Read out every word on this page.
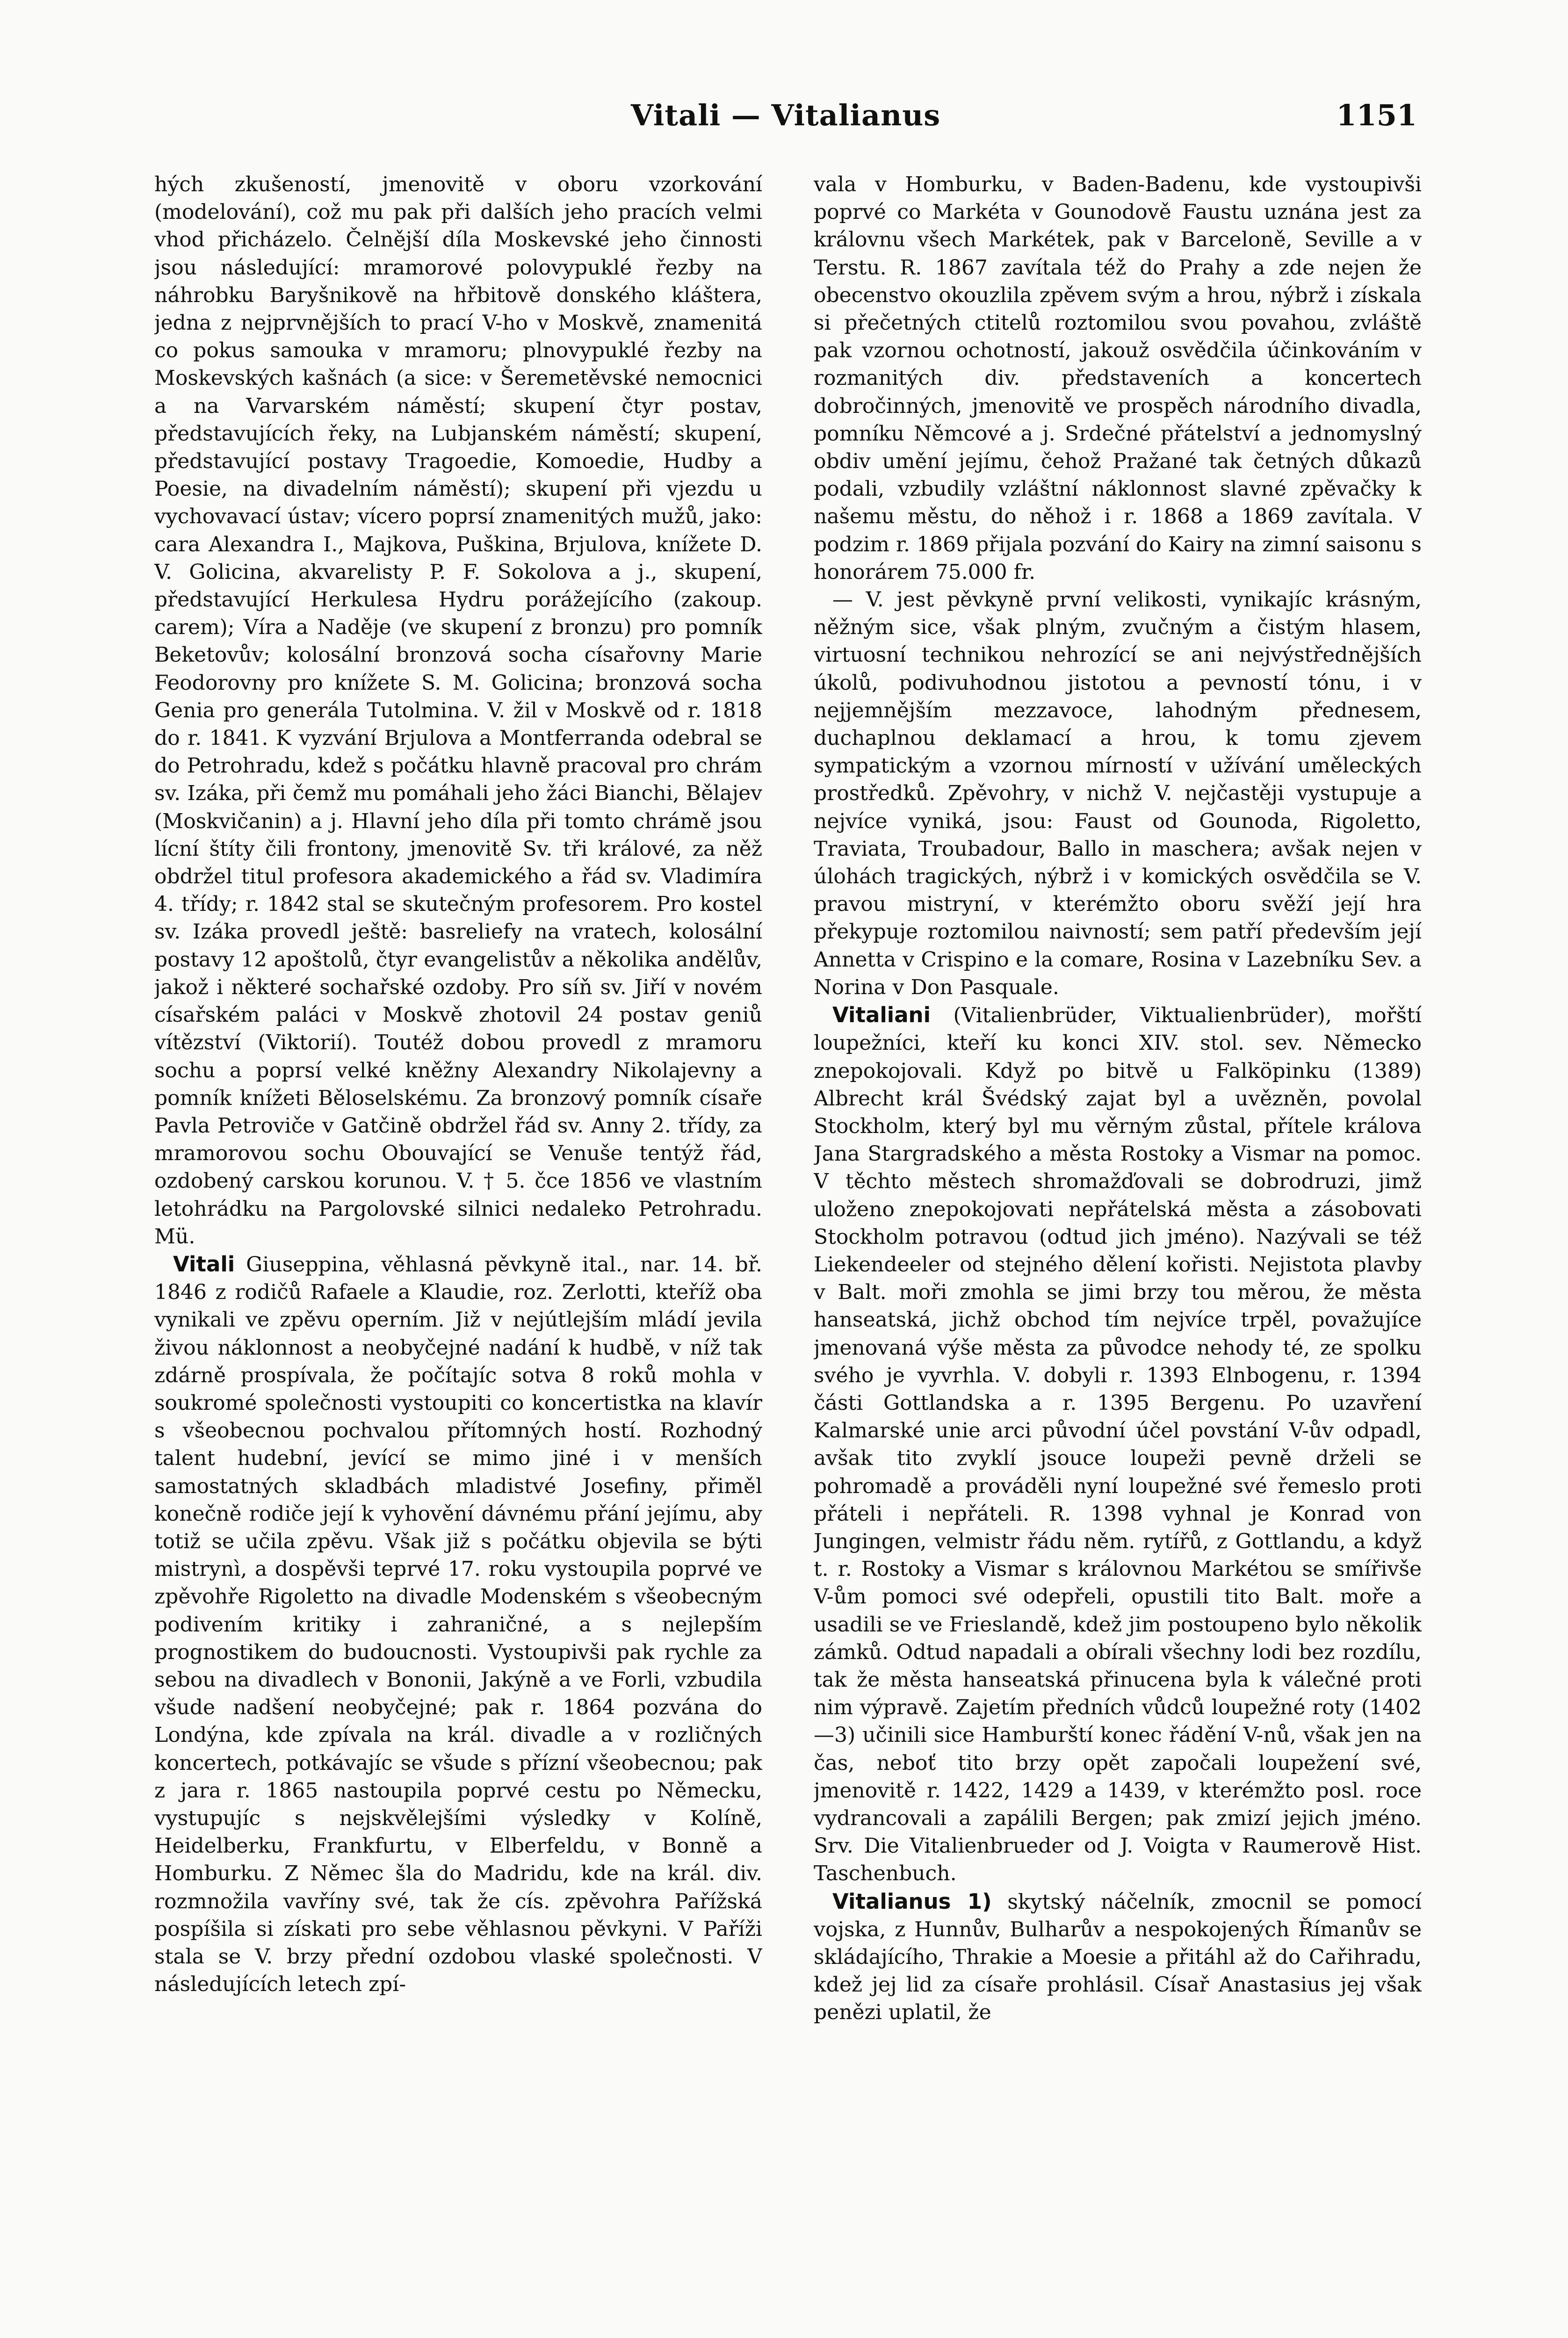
Vitali — Vitalianus	1151

hých zkušeností, jmenovitě v oboru vzorkování (modelování), což mu pak při dalších jeho pracích velmi vhod přicházelo. Čelnější díla Moskevské jeho činnosti jsou následující: mramorové polovypuklé řezby na náhrobku Baryšnikově na hřbitově donského kláštera, jedna z nejprvnějších to prací V-ho v Moskvě, znamenitá co pokus samouka v mramoru; plnovypuklé řezby na Moskevských kašnách (a sice: v Šeremetěvské nemocnici a na Varvarském náměstí; skupení čtyr postav, představujících řeky, na Lubjanském náměstí; skupení, představující postavy Tragoedie, Komoedie, Hudby a Poesie, na divadelním náměstí); skupení při vjezdu u vychovavací ústav; vícero poprsí znamenitých mužů, jako: cara Alexandra I., Majkova, Puškina, Brjulova, knížete D. V. Golicina, akvarelisty P. F. Sokolova a j., skupení, představující Herkulesa Hydru porážejícího (zakoup. carem); Víra a Naděje (ve skupení z bronzu) pro pomník Beketovův; kolosální bronzová socha císařovny Marie Feodorovny pro knížete S. M. Golicina; bronzová socha Genia pro generála Tutolmina. V. žil v Moskvě od r. 1818 do r. 1841. K vyzvání Brjulova a Montferranda odebral se do Petrohradu, kdež s počátku hlavně pracoval pro chrám sv. Izáka, při čemž mu pomáhali jeho žáci Bianchi, Bělajev (Moskvičanin) a j. Hlavní jeho díla při tomto chrámě jsou lícní štíty čili frontony, jmenovitě Sv. tři králové, za něž obdržel titul profesora akademického a řád sv. Vladimíra 4. třídy; r. 1842 stal se skutečným profesorem. Pro kostel sv. Izáka provedl ještě: basreliefy na vratech, kolosální postavy 12 apoštolů, čtyr evangelistův a několika andělův, jakož i některé sochařské ozdoby. Pro síň sv. Jiří v novém císařském paláci v Moskvě zhotovil 24 postav geniů vítězství (Viktorií). Toutéž dobou provedl z mramoru sochu a poprsí velké kněžny Alexandry Nikolajevny a pomník knížeti Běloselskému. Za bronzový pomník císaře Pavla Petroviče v Gatčině obdržel řád sv. Anny 2. třídy, za mramorovou sochu Obouvající se Venuše tentýž řád, ozdobený carskou korunou. V. † 5. čce 1856 ve vlastním letohrádku na Pargolovské silnici nedaleko Petrohradu. Mü.

Vitali Giuseppina, věhlasná pěvkyně ital., nar. 14. bř. 1846 z rodičů Rafaele a Klaudie, roz. Zerlotti, kteříž oba vynikali ve zpěvu operním. Již v nejútlejším mládí jevila živou náklonnost a neobyčejné nadání k hudbě, v níž tak zdárně prospívala, že počítajíc sotva 8 roků mohla v soukromé společnosti vystoupiti co koncertistka na klavír s všeobecnou pochvalou přítomných hostí. Rozhodný talent hudební, jevící se mimo jiné i v menších samostatných skladbách mladistvé Josefiny, přiměl konečně rodiče její k vyhovění dávnému přání jejímu, aby totiž se učila zpěvu. Však již s počátku objevila se býti mistrynì, a dospěvši teprvé 17. roku vystoupila poprvé ve zpěvohře Rigoletto na divadle Modenském s všeobecným podivením kritiky i zahraničné, a s nejlepším prognostikem do budoucnosti. Vystoupivši pak rychle za sebou na divadlech v Bononii, Jakýně a ve Forli, vzbudila všude nadšení neobyčejné; pak r. 1864 pozvána do Londýna, kde zpívala na král. divadle a v rozličných koncertech, potkávajíc se všude s přízní všeobecnou; pak z jara r. 1865 nastoupila poprvé cestu po Německu, vystupujíc s nejskvělejšími výsledky v Kolíně, Heidelberku, Frankfurtu, v Elberfeldu, v Bonně a Homburku. Z Němec šla do Madridu, kde na král. div. rozmnožila vavříny své, tak že cís. zpěvohra Pařížská pospíšila si získati pro sebe věhlasnou pěvkyni. V Paříži stala se V. brzy přední ozdobou vlaské společnosti. V následujících letech zpí-

vala v Homburku, v Baden-Badenu, kde vystoupivši poprvé co Markéta v Gounodově Faustu uznána jest za královnu všech Markétek, pak v Barceloně, Seville a v Terstu. R. 1867 zavítala též do Prahy a zde nejen že obecenstvo okouzlila zpěvem svým a hrou, nýbrž i získala si přečetných ctitelů roztomilou svou povahou, zvláště pak vzornou ochotností, jakouž osvědčila účinkováním v rozmanitých div. představeních a koncertech dobročinných, jmenovitě ve prospěch národního divadla, pomníku Němcové a j. Srdečné přátelství a jednomyslný obdiv umění jejímu, čehož Pražané tak četných důkazů podali, vzbudily vzláštní náklonnost slavné zpěvačky k našemu městu, do něhož i r. 1868 a 1869 zavítala. V podzim r. 1869 přijala pozvání do Kairy na zimní saisonu s honorárem 75.000 fr.

— V. jest pěvkyně první velikosti, vynikajíc krásným, něžným sice, však plným, zvučným a čistým hlasem, virtuosní technikou nehrozící se ani nejvýstřednějších úkolů, podivuhodnou jistotou a pevností tónu, i v nejjemnějším mezzavoce, lahodným přednesem, duchaplnou deklamací a hrou, k tomu zjevem sympatickým a vzornou mírností v užívání uměleckých prostředků. Zpěvohry, v nichž V. nejčastěji vystupuje a nejvíce vyniká, jsou: Faust od Gounoda, Rigoletto, Traviata, Troubadour, Ballo in maschera; avšak nejen v úlohách tragických, nýbrž i v komických osvědčila se V. pravou mistryní, v kterémžto oboru svěží její hra překypuje roztomilou naivností; sem patří především její Annetta v Crispino e la comare, Rosina v Lazebníku Sev. a Norina v Don Pasquale.

Vitaliani (Vitalienbrüder, Viktualienbrüder), mořští loupežníci, kteří ku konci XIV. stol. sev. Německo znepokojovali. Když po bitvě u Falköpinku (1389) Albrecht král Švédský zajat byl a uvězněn, povolal Stockholm, který byl mu věrným zůstal, přítele králova Jana Stargradského a města Rostoky a Vismar na pomoc. V těchto městech shromažďovali se dobrodruzi, jimž uloženo znepokojovati nepřátelská města a zásobovati Stockholm potravou (odtud jich jméno). Nazývali se též Liekendeeler od stejného dělení kořisti. Nejistota plavby v Balt. moři zmohla se jimi brzy tou měrou, že města hanseatská, jichž obchod tím nejvíce trpěl, považujíce jmenovaná výše města za původce nehody té, ze spolku svého je vyvrhla. V. dobyli r. 1393 Elnbogenu, r. 1394 části Gottlandska a r. 1395 Bergenu. Po uzavření Kalmarské unie arci původní účel povstání V-ův odpadl, avšak tito zvyklí jsouce loupeži pevně drželi se pohromadě a prováděli nyní loupežné své řemeslo proti přáteli i nepřáteli. R. 1398 vyhnal je Konrad von Jungingen, velmistr řádu něm. rytířů, z Gottlandu, a když t. r. Rostoky a Vismar s královnou Markétou se smířivše V-ům pomoci své odepřeli, opustili tito Balt. moře a usadili se ve Frieslandě, kdež jim postoupeno bylo několik zámků. Odtud napadali a obírali všechny lodi bez rozdílu, tak že města hanseatská přinucena byla k válečné proti nim výpravě. Zajetím předních vůdců loupežné roty (1402—3) učinili sice Hamburští konec řádění V-nů, však jen na čas, neboť tito brzy opět započali loupežení své, jmenovitě r. 1422, 1429 a 1439, v kterémžto posl. roce vydrancovali a zapálili Bergen; pak zmizí jejich jméno. Srv. Die Vitalienbrueder od J. Voigta v Raumerově Hist. Taschenbuch.

Vitalianus 1) skytský náčelník, zmocnil se pomocí vojska, z Hunnův, Bulharův a nespokojených Římanův se skládajícího, Thrakie a Moesie a přitáhl až do Cařihradu, kdež jej lid za císaře prohlásil. Císař Anastasius jej však penězi uplatil, že
